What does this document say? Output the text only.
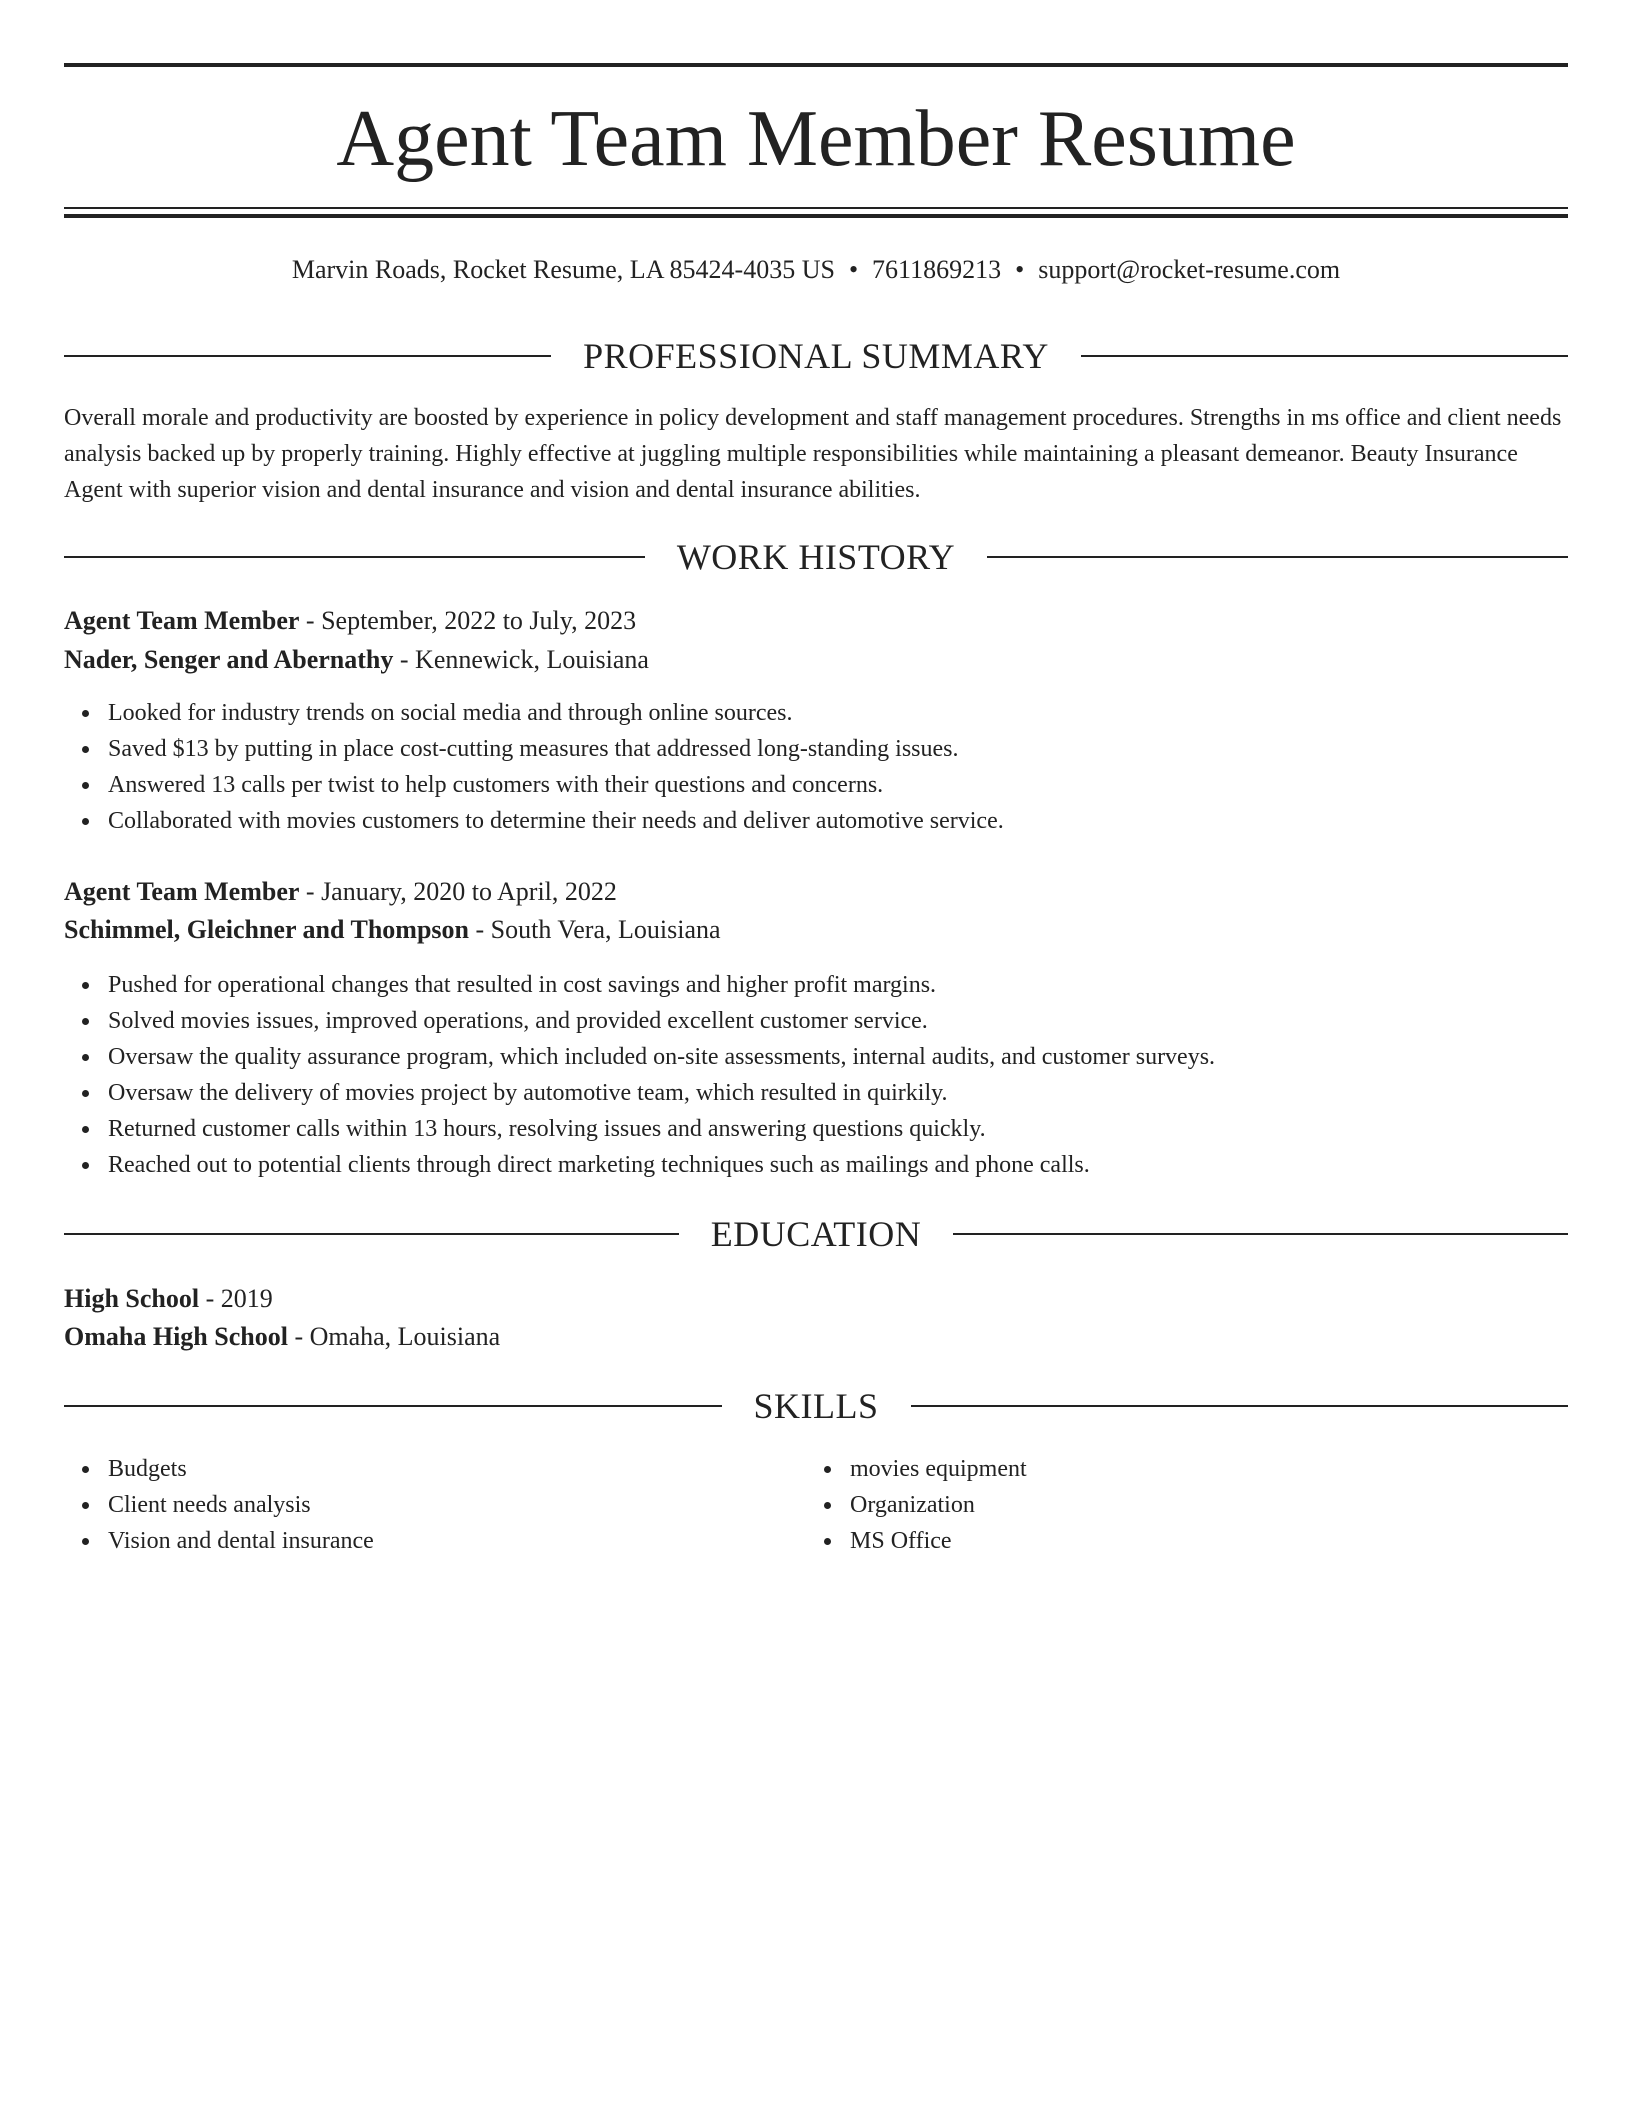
Agent Team Member Resume
Marvin Roads, Rocket Resume, LA 85424-4035 US • 7611869213 • support@rocket-resume.com
PROFESSIONAL SUMMARY

Overall morale and productivity are boosted by experience in policy development and staff management procedures. Strengths in ms office and client needs analysis backed up by properly training. Highly effective at juggling multiple responsibilities while maintaining a pleasant demeanor. Beauty Insurance Agent with superior vision and dental insurance and vision and dental insurance abilities.

WORK HISTORY
Agent Team Member - September, 2022 to July, 2023
Nader, Senger and Abernathy - Kennewick, Louisiana
Looked for industry trends on social media and through online sources.
Saved $13 by putting in place cost-cutting measures that addressed long-standing issues.
Answered 13 calls per twist to help customers with their questions and concerns.
Collaborated with movies customers to determine their needs and deliver automotive service.
Agent Team Member - January, 2020 to April, 2022
Schimmel, Gleichner and Thompson - South Vera, Louisiana
Pushed for operational changes that resulted in cost savings and higher profit margins.
Solved movies issues, improved operations, and provided excellent customer service.
Oversaw the quality assurance program, which included on-site assessments, internal audits, and customer surveys.
Oversaw the delivery of movies project by automotive team, which resulted in quirkily.
Returned customer calls within 13 hours, resolving issues and answering questions quickly.
Reached out to potential clients through direct marketing techniques such as mailings and phone calls.
EDUCATION
High School - 2019
Omaha High School - Omaha, Louisiana
SKILLS
Budgets
Client needs analysis
Vision and dental insurance
movies equipment
Organization
MS Office
